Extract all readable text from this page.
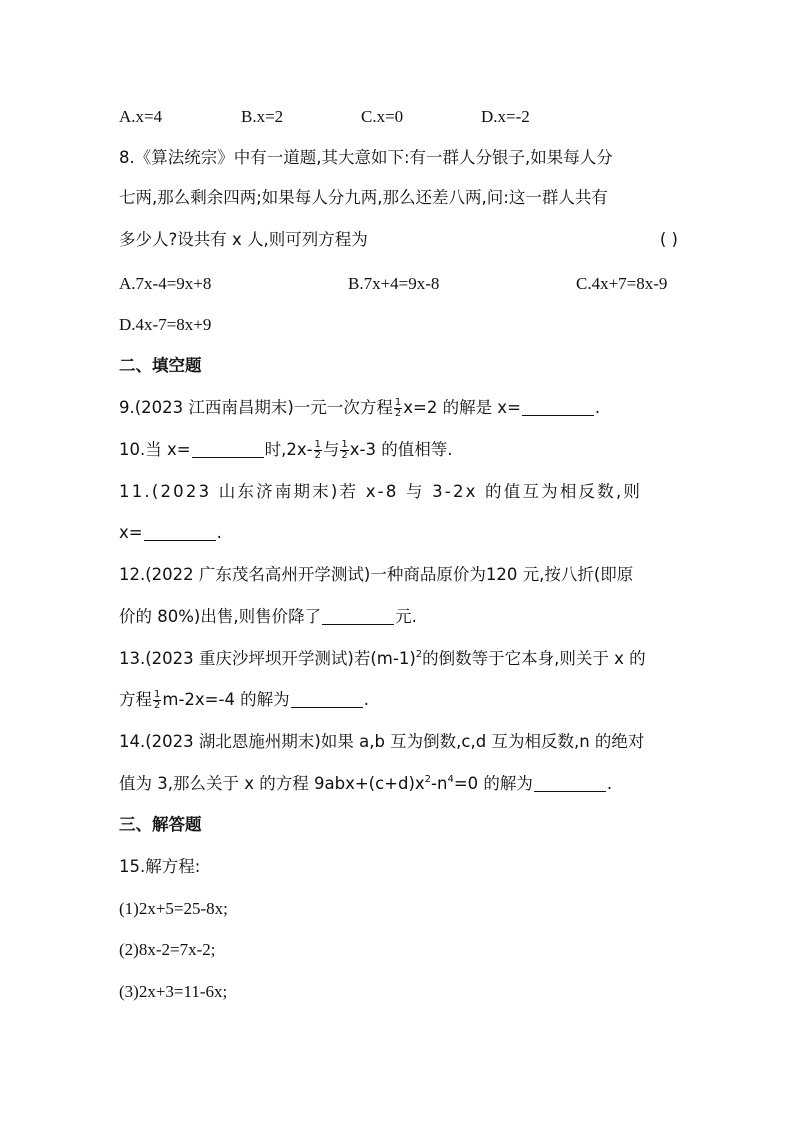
A.x=4	B.x=2	C.x=0	D.x=-2
8.《算法统宗》中有一道题,其大意如下:有一群人分银子,如果每人分
七两,那么剩余四两;如果每人分九两,那么还差八两,问:这一群人共有
多少人?设共有 x 人,则可列方程为	( )
A.7x-4=9x+8	B.7x+4=9x-8	C.4x+7=8x-9
D.4x-7=8x+9
二、填空题
9.(2023 江西南昌期末)一元一次方程 $\frac{1}{2} x=2$ 的解是 x=	.
10.当 x=	时$,2x- \frac{1}{2}$ 与 $\frac{1}{2} x-3$ 的值相等.
11.(2023 山东济南期末)若 x-8 与 3-2x 的值互为相反数,则
x=	.
12.(2022 广东茂名高州开学测试)一种商品原价为120 元,按八折(即原
价的 80%)出售,则售价降了	元.
13.(2023 重庆沙坪坝开学测试)若$(m-1)^2$的倒数等于它本身,则关于 x 的
方程 $\frac{1}{2} m-2x=-4$ 的解为	.
14.(2023 湖北恩施州期末)如果 a,b 互为倒数,c,d 互为相反数,n 的绝对
值为 3,那么关于 x 的方程 $9abx+(c+d)x^2-n^4=0$ 的解为	.
三、解答题
15.解方程:
(1)2x+5=25-8x;
(2)8x-2=7x-2;
(3)2x+3=11-6x;
